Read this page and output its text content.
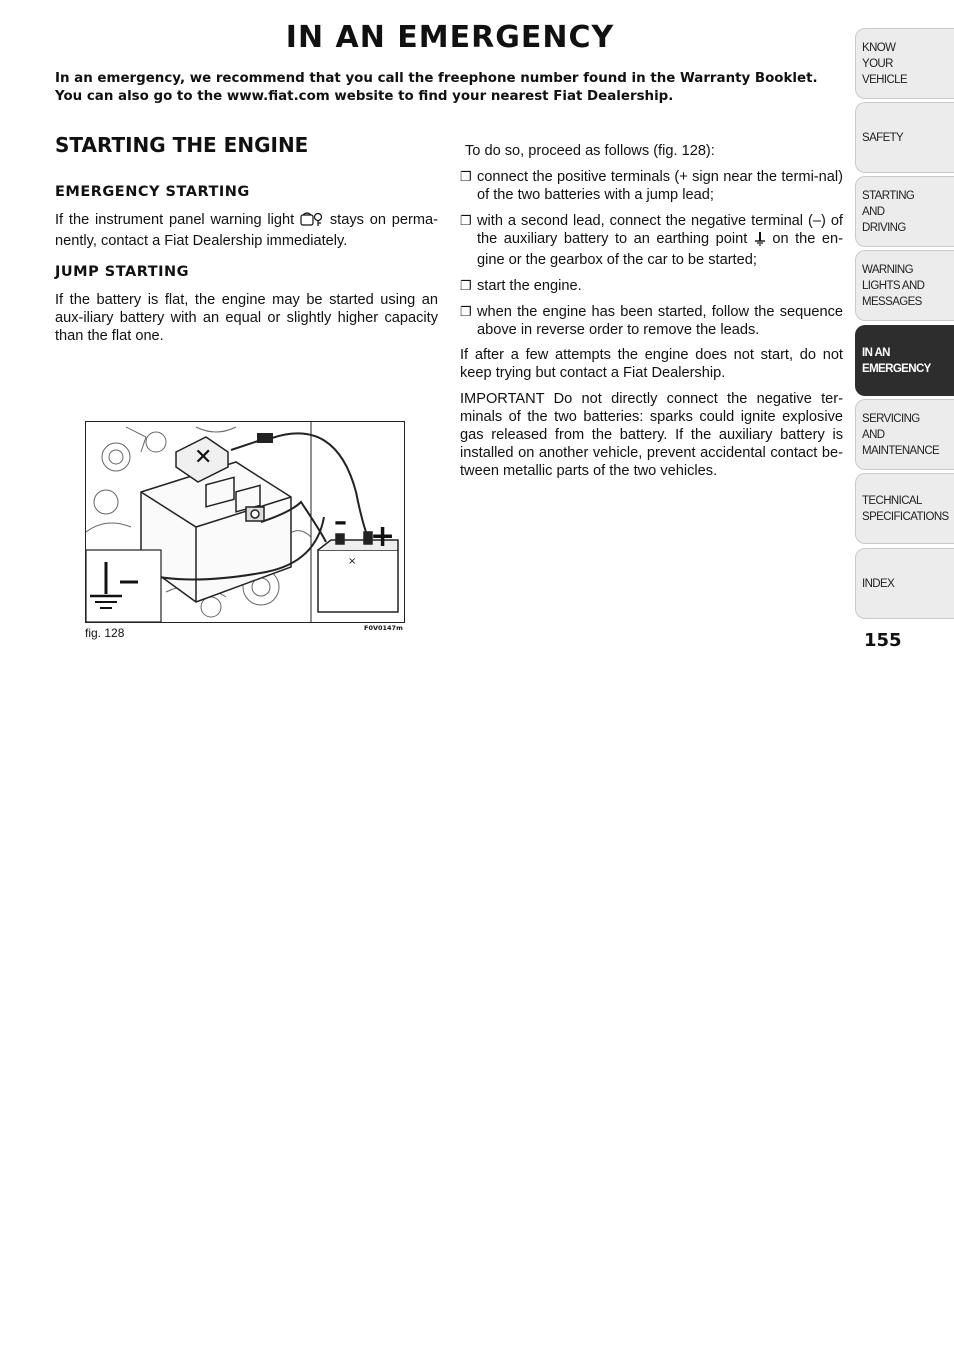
IN AN EMERGENCY

In an emergency, we recommend that you call the freephone number found in the Warranty Booklet. You can also go to the www.fiat.com website to find your nearest Fiat Dealership.

STARTING THE ENGINE
EMERGENCY STARTING

If the instrument panel warning light stays on perma-nently, contact a Fiat Dealership immediately.

JUMP STARTING

If the battery is flat, the engine may be started using an aux-iliary battery with an equal or slightly higher capacity than the flat one.

To do so, proceed as follows (fig. 128):

❐ connect the positive terminals (+ sign near the termi-nal) of the two batteries with a jump lead;
❐ with a second lead, connect the negative terminal (–) of the auxiliary battery to an earthing point on the en-gine or the gearbox of the car to be started;
❐ start the engine.
❐ when the engine has been started, follow the sequence above in reverse order to remove the leads.

If after a few attempts the engine does not start, do not keep trying but contact a Fiat Dealership.

IMPORTANT Do not directly connect the negative ter-minals of the two batteries: sparks could ignite explosive gas released from the battery. If the auxiliary battery is installed on another vehicle, prevent accidental contact be-tween metallic parts of the two vehicles.

✕
×
– +

fig. 128	F0V0147m

KNOW
YOUR
VEHICLE
SAFETY
STARTING
AND
DRIVING
WARNING
LIGHTS AND
MESSAGES
IN AN
EMERGENCY
SERVICING
AND
MAINTENANCE
TECHNICAL
SPECIFICATIONS
INDEX

155
